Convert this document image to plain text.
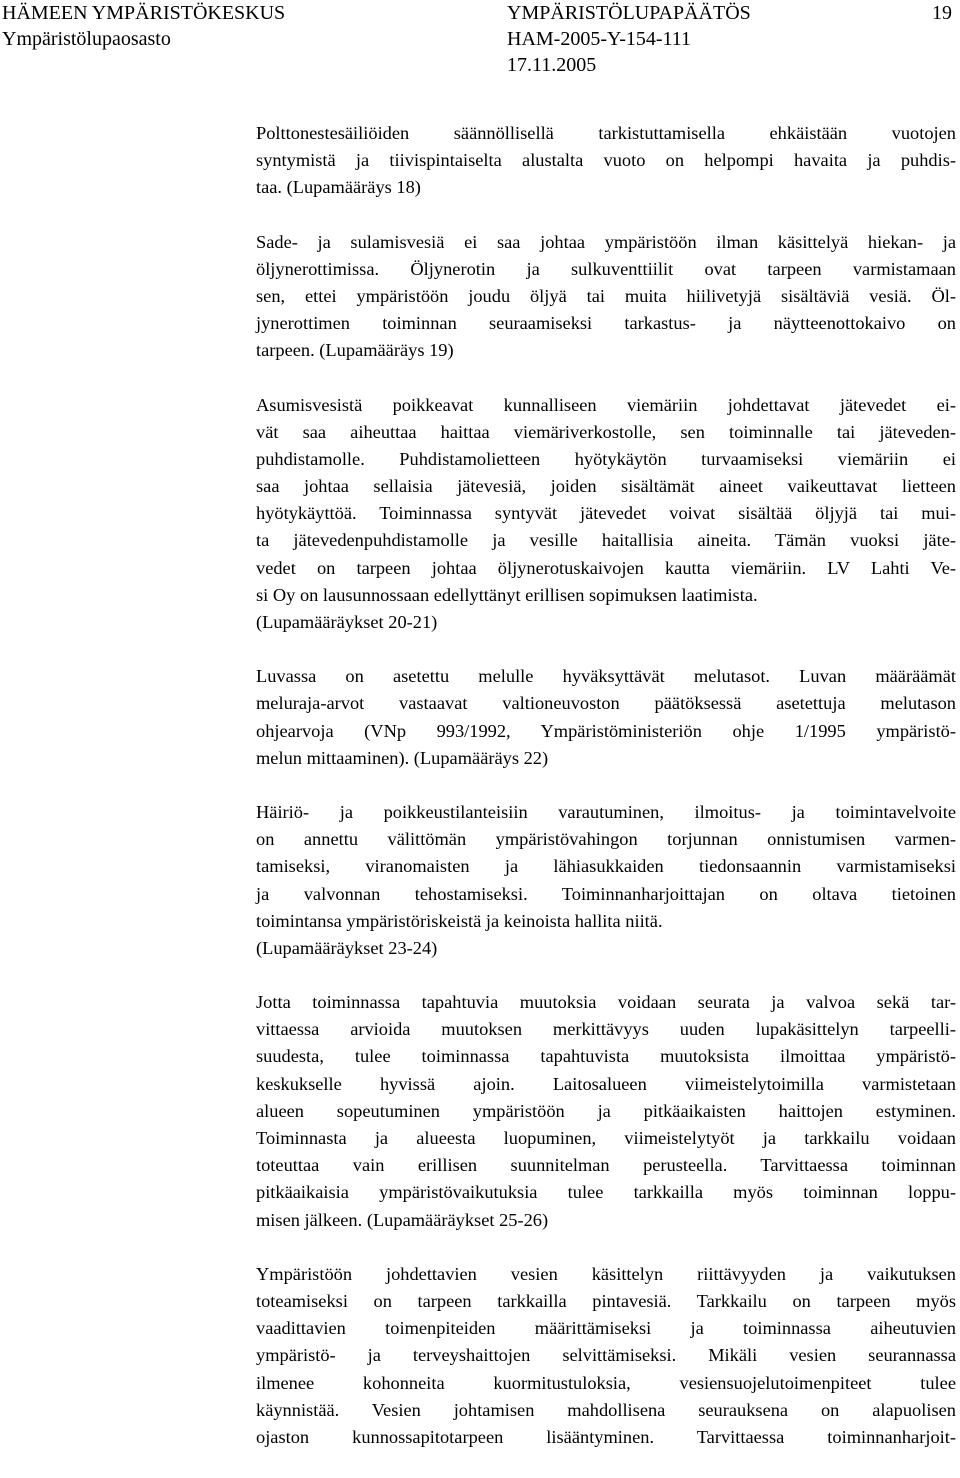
HÄMEEN YMPÄRISTÖKESKUS
Ympäristölupaosasto
YMPÄRISTÖLUPAPÄÄTÖS
HAM-2005-Y-154-111
17.11.2005
19
Polttonestesäiliöiden säännöllisellä tarkistuttamisella ehkäistään vuotojen
syntymistä ja tiivispintaiselta alustalta vuoto on helpompi havaita ja puhdis-
taa. (Lupamääräys 18)
Sade- ja sulamisvesiä ei saa johtaa ympäristöön ilman käsittelyä hiekan- ja
öljynerottimissa. Öljynerotin ja sulkuventtiilit ovat tarpeen varmistamaan
sen, ettei ympäristöön joudu öljyä tai muita hiilivetyjä sisältäviä vesiä. Öl-
jynerottimen toiminnan seuraamiseksi tarkastus- ja näytteenottokaivo on
tarpeen. (Lupamääräys 19)
Asumisvesistä poikkeavat kunnalliseen viemäriin johdettavat jätevedet ei-
vät saa aiheuttaa haittaa viemäriverkostolle, sen toiminnalle tai jäteveden-
puhdistamolle. Puhdistamolietteen hyötykäytön turvaamiseksi viemäriin ei
saa johtaa sellaisia jätevesiä, joiden sisältämät aineet vaikeuttavat lietteen
hyötykäyttöä. Toiminnassa syntyvät jätevedet voivat sisältää öljyjä tai mui-
ta jätevedenpuhdistamolle ja vesille haitallisia aineita. Tämän vuoksi jäte-
vedet on tarpeen johtaa öljynerotuskaivojen kautta viemäriin. LV Lahti Ve-
si Oy on lausunnossaan edellyttänyt erillisen sopimuksen laatimista.
(Lupamääräykset 20-21)
Luvassa on asetettu melulle hyväksyttävät melutasot. Luvan määräämät
meluraja-arvot vastaavat valtioneuvoston päätöksessä asetettuja melutason
ohjearvoja (VNp 993/1992, Ympäristöministeriön ohje 1/1995 ympäristö-
melun mittaaminen). (Lupamääräys 22)
Häiriö- ja poikkeustilanteisiin varautuminen, ilmoitus- ja toimintavelvoite
on annettu välittömän ympäristövahingon torjunnan onnistumisen varmen-
tamiseksi, viranomaisten ja lähiasukkaiden tiedonsaannin varmistamiseksi
ja valvonnan tehostamiseksi. Toiminnanharjoittajan on oltava tietoinen
toimintansa ympäristöriskeistä ja keinoista hallita niitä.
(Lupamääräykset 23-24)
Jotta toiminnassa tapahtuvia muutoksia voidaan seurata ja valvoa sekä tar-
vittaessa arvioida muutoksen merkittävyys uuden lupakäsittelyn tarpeelli-
suudesta, tulee toiminnassa tapahtuvista muutoksista ilmoittaa ympäristö-
keskukselle hyvissä ajoin. Laitosalueen viimeistelytoimilla varmistetaan
alueen sopeutuminen ympäristöön ja pitkäaikaisten haittojen estyminen.
Toiminnasta ja alueesta luopuminen, viimeistelytyöt ja tarkkailu voidaan
toteuttaa vain erillisen suunnitelman perusteella. Tarvittaessa toiminnan
pitkäaikaisia ympäristövaikutuksia tulee tarkkailla myös toiminnan loppu-
misen jälkeen. (Lupamääräykset 25-26)
Ympäristöön johdettavien vesien käsittelyn riittävyyden ja vaikutuksen
toteamiseksi on tarpeen tarkkailla pintavesiä. Tarkkailu on tarpeen myös
vaadittavien toimenpiteiden määrittämiseksi ja toiminnassa aiheutuvien
ympäristö- ja terveyshaittojen selvittämiseksi. Mikäli vesien seurannassa
ilmenee kohonneita kuormitustuloksia, vesiensuojelutoimenpiteet tulee
käynnistää. Vesien johtamisen mahdollisena seurauksena on alapuolisen
ojaston kunnossapitotarpeen lisääntyminen. Tarvittaessa toiminnanharjoit-
